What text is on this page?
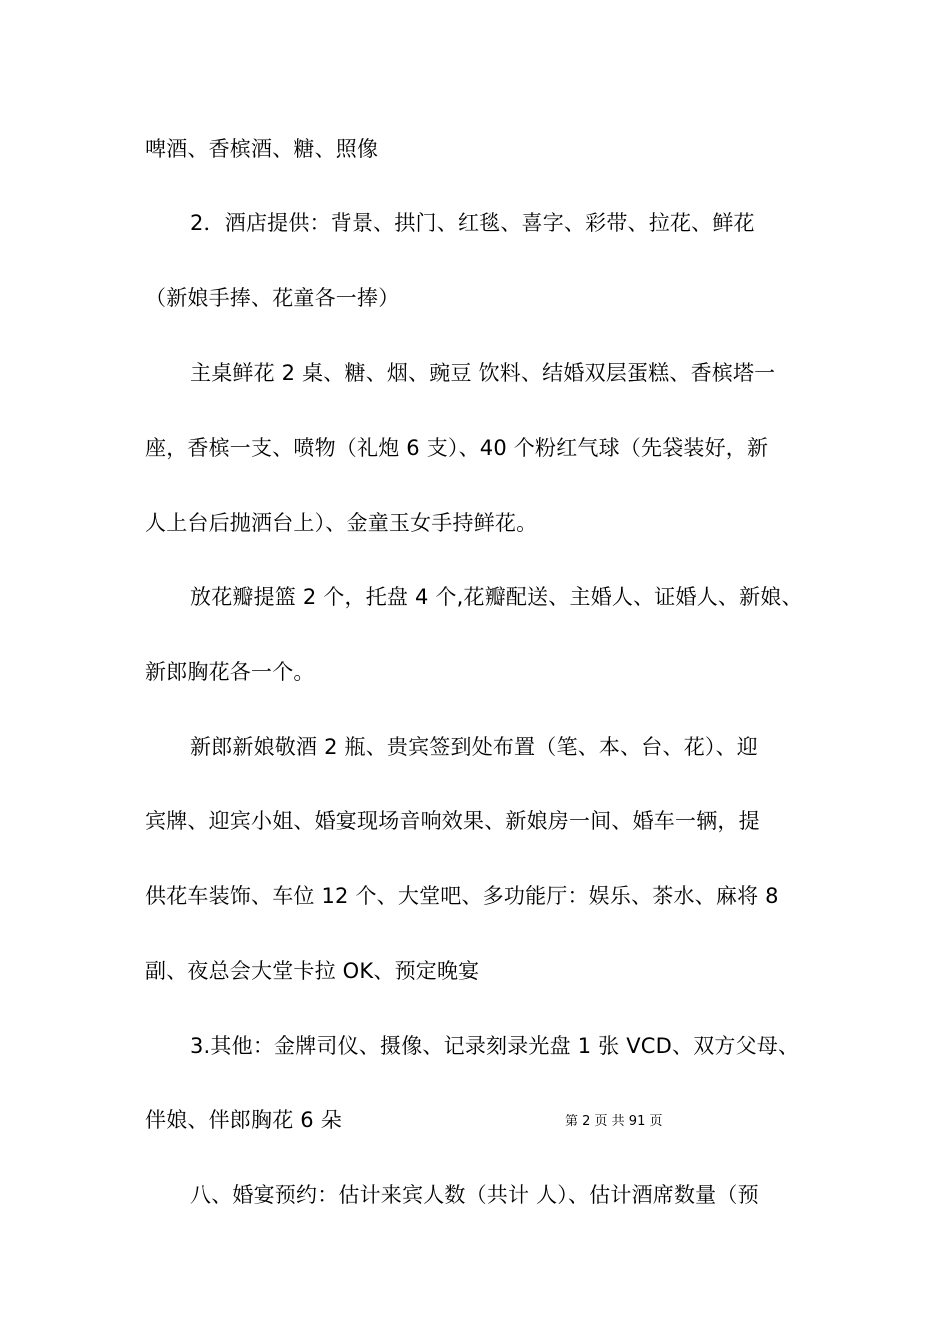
啤酒、香槟酒、糖、照像
2．酒店提供：背景、拱门、红毯、喜字、彩带、拉花、鲜花
（新娘手捧、花童各一捧）
主桌鲜花 2 桌、糖、烟、豌豆 饮料、结婚双层蛋糕、香槟塔一
座，香槟一支、喷物（礼炮 6 支）、40 个粉红气球（先袋装好，新
人上台后抛洒台上）、金童玉女手持鲜花。
放花瓣提篮 2 个，托盘 4 个,花瓣配送、主婚人、证婚人、新娘、
新郎胸花各一个。
新郎新娘敬酒 2 瓶、贵宾签到处布置（笔、本、台、花）、迎
宾牌、迎宾小姐、婚宴现场音响效果、新娘房一间、婚车一辆，提
供花车装饰、车位 12 个、大堂吧、多功能厅：娱乐、茶水、麻将 8
副、夜总会大堂卡拉 OK、预定晚宴
3.其他：金牌司仪、摄像、记录刻录光盘 1 张 VCD、双方父母、
伴娘、伴郎胸花 6 朵	第 2 页 共 91 页
八、婚宴预约：估计来宾人数（共计 人）、估计酒席数量（预
